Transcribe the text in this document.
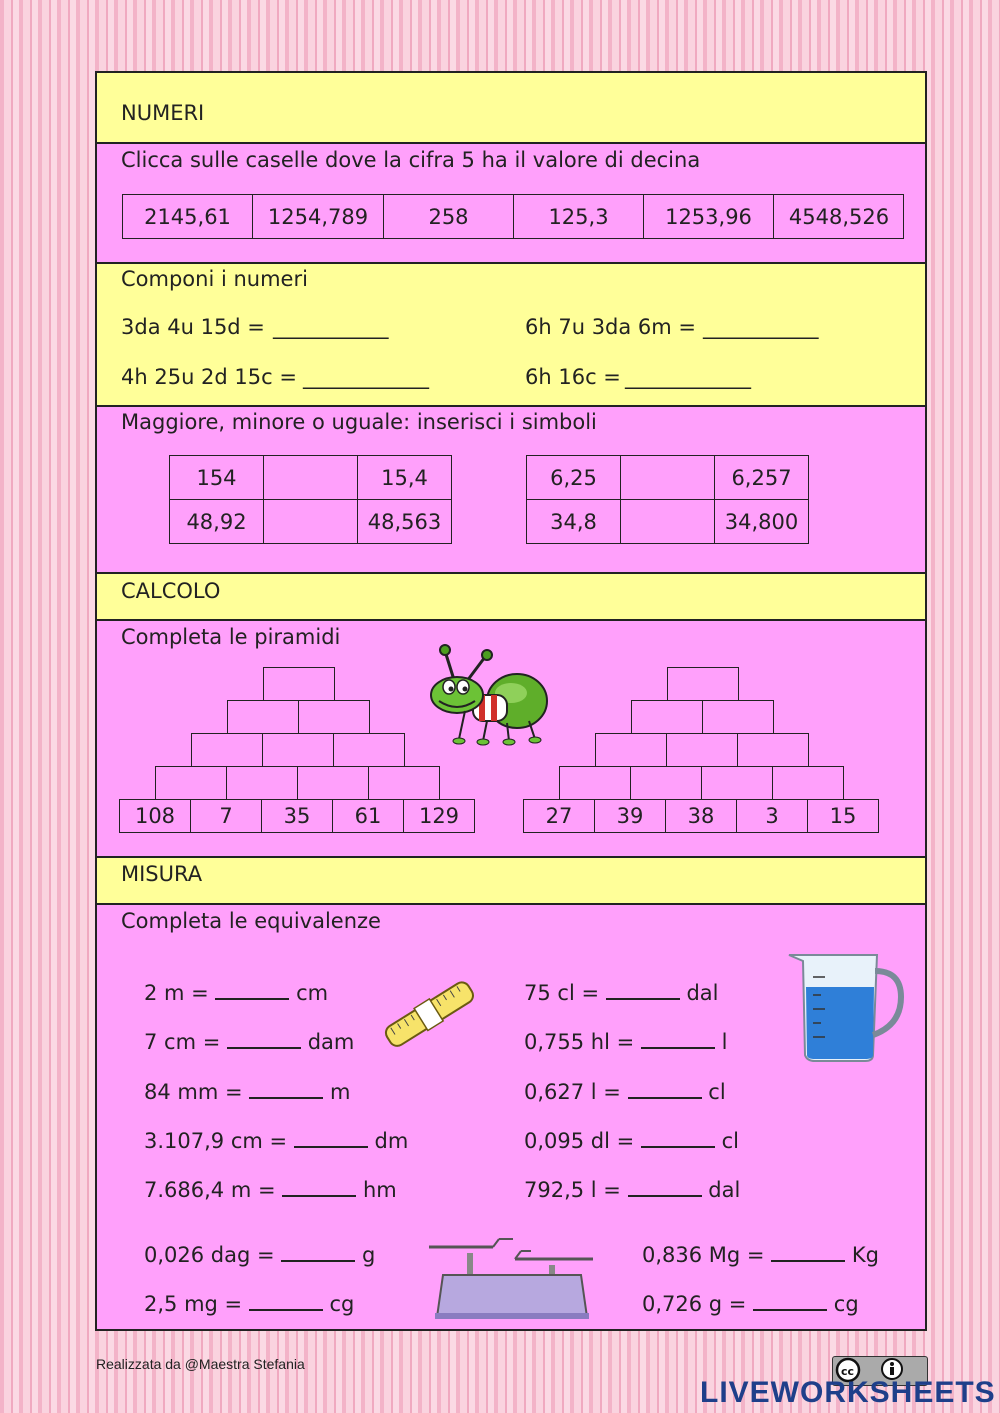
NUMERI
Clicca sulle caselle dove la cifra 5 ha il valore di decina
2145,61	1254,789	258	125,3	1253,96	4548,526
Componi i numeri
3da 4u 15d = ___________	6h 7u 3da 6m = ___________
4h 25u 2d 15c = ____________	6h 16c = ____________
Maggiore, minore o uguale: inserisci i simboli
154	15,4
48,92	48,563
6,25	6,257
34,8	34,800
CALCOLO
Completa le piramidi
108	7	35	61	129	27	39	38	3	15
MISURA
Completa le equivalenze
2 m =	cm
7 cm =	dam
84 mm =	m
3.107,9 cm =	dm
7.686,4 m =	hm
0,026 dag =	g
2,5 mg =	cg
75 cl =	dal
0,755 hl =	l
0,627 l =	cl
0,095 dl =	cl
792,5 l =	dal
0,836 Mg =	Kg
0,726 g =	cg
Realizzata da @Maestra Stefania	cc
LIVEWORKSHEETS
